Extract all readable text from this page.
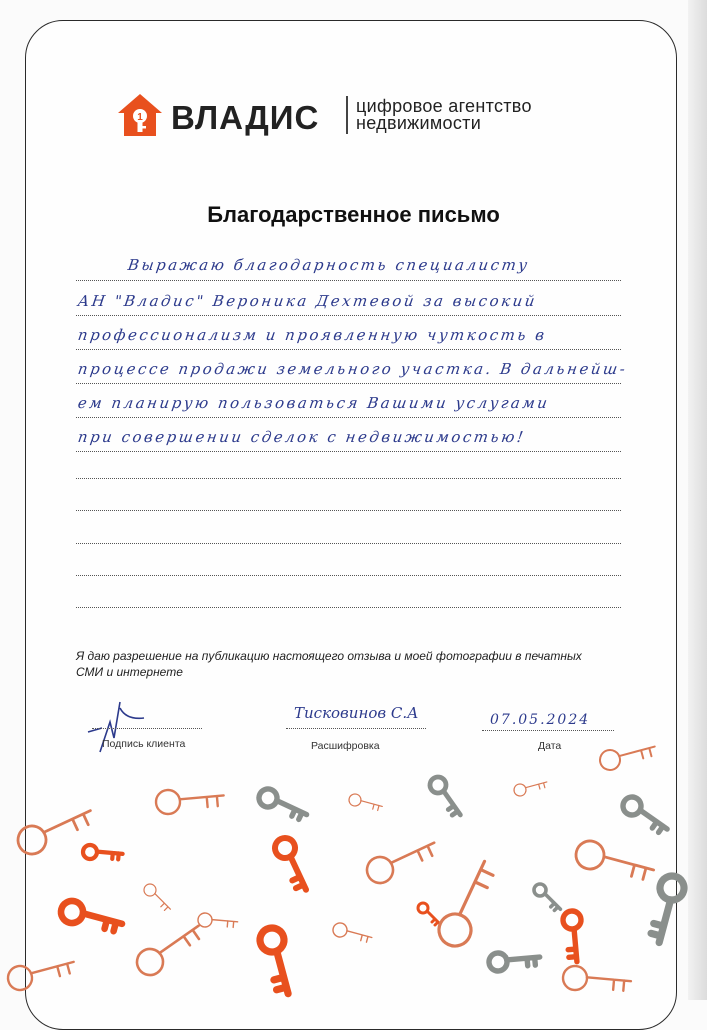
1 ВЛАДИС цифровое агентство
недвижимости
Благодарственное письмо
Выражаю благодарность специалисту
АН "Владис" Вероника Дехтевой за высокий
профессионализм и проявленную чуткость в
процессе продажи земельного участка. В дальнейш-
ем планирую пользоваться Вашими услугами
при совершении сделок с недвижимостью!
Я даю разрешение на публикацию настоящего отзыва и моей фотографии в печатных СМИ и интернете
Подпись клиента
Тисковинов С.А
Расшифровка
07.05.2024
Дата
